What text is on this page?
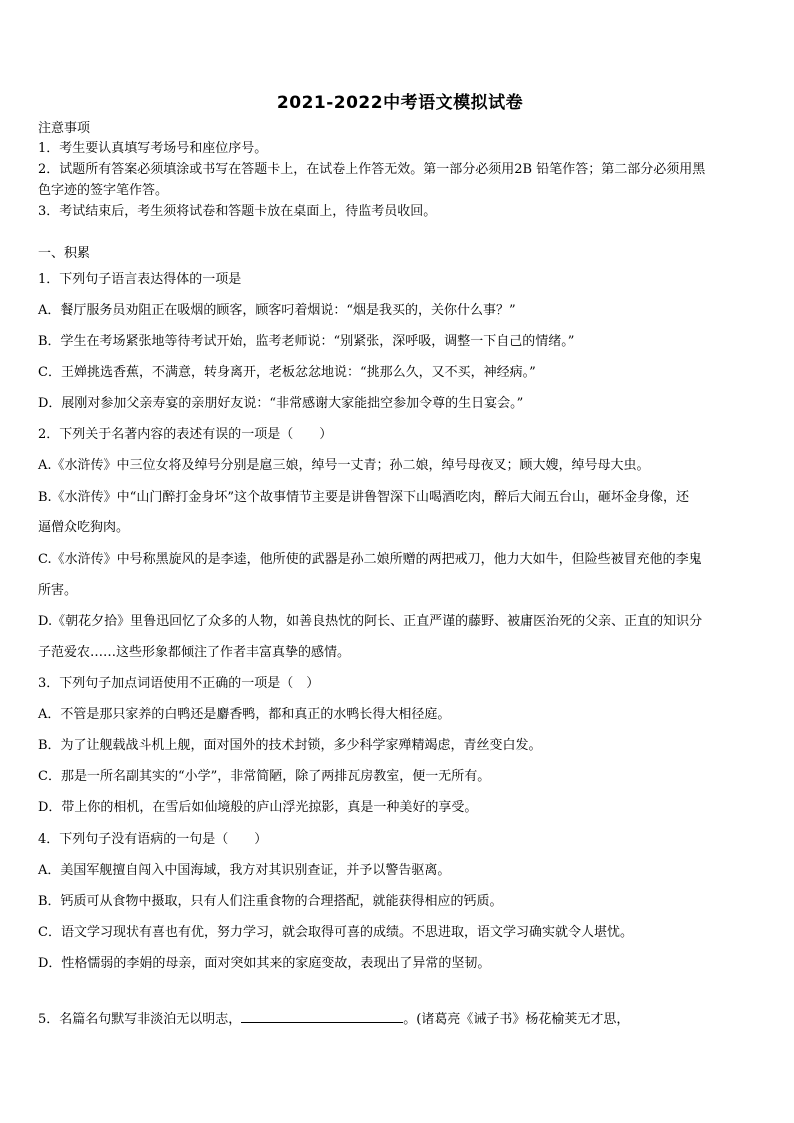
2021-2022中考语文模拟试卷
注意事项
1．考生要认真填写考场号和座位序号。
2．试题所有答案必须填涂或书写在答题卡上，在试卷上作答无效。第一部分必须用2B 铅笔作答；第二部分必须用黑
色字迹的签字笔作答。
3．考试结束后，考生须将试卷和答题卡放在桌面上，待监考员收回。
一、积累
1．下列句子语言表达得体的一项是
A．餐厅服务员劝阻正在吸烟的顾客，顾客叼着烟说：“烟是我买的，关你什么事？”
B．学生在考场紧张地等待考试开始，监考老师说：“别紧张，深呼吸，调整一下自己的情绪。”
C．王婵挑选香蕉，不满意，转身离开，老板忿忿地说：“挑那么久，又不买，神经病。”
D．展刚对参加父亲寿宴的亲朋好友说：“非常感谢大家能拙空参加令尊的生日宴会。”
2．下列关于名著内容的表述有误的一项是（　　）
A.《水浒传》中三位女将及绰号分别是扈三娘，绰号一丈青；孙二娘，绰号母夜叉；顾大嫂，绰号母大虫。
B.《水浒传》中“山门醉打金身坏”这个故事情节主要是讲鲁智深下山喝酒吃肉，醉后大闹五台山，砸坏金身像，还
逼僧众吃狗肉。
C.《水浒传》中号称黑旋风的是李逵，他所使的武器是孙二娘所赠的两把戒刀，他力大如牛，但险些被冒充他的李鬼
所害。
D.《朝花夕拾》里鲁迅回忆了众多的人物，如善良热忱的阿长、正直严谨的藤野、被庸医治死的父亲、正直的知识分
子范爱农……这些形象都倾注了作者丰富真挚的感情。
3．下列句子加点词语使用不正确的一项是（　）
A．不管是那只家养的白鸭还是麝香鸭，都和真正的水鸭长得大相径庭。
B．为了让舰载战斗机上舰，面对国外的技术封锁，多少科学家殚精竭虑，青丝变白发。
C．那是一所名副其实的“小学”，非常简陋，除了两排瓦房教室，便一无所有。
D．带上你的相机，在雪后如仙境般的庐山浮光掠影，真是一种美好的享受。
4．下列句子没有语病的一句是（　　）
A．美国军舰擅自闯入中国海域，我方对其识别查证，并予以警告驱离。
B．钙质可从食物中摄取，只有人们注重食物的合理搭配，就能获得相应的钙质。
C．语文学习现状有喜也有优，努力学习，就会取得可喜的成绩。不思进取，语文学习确实就令人堪忧。
D．性格懦弱的李娟的母亲，面对突如其来的家庭变故，表现出了异常的坚韧。
5．名篇名句默写非淡泊无以明志，	。(诸葛亮《诫子书》杨花榆荚无才思，
